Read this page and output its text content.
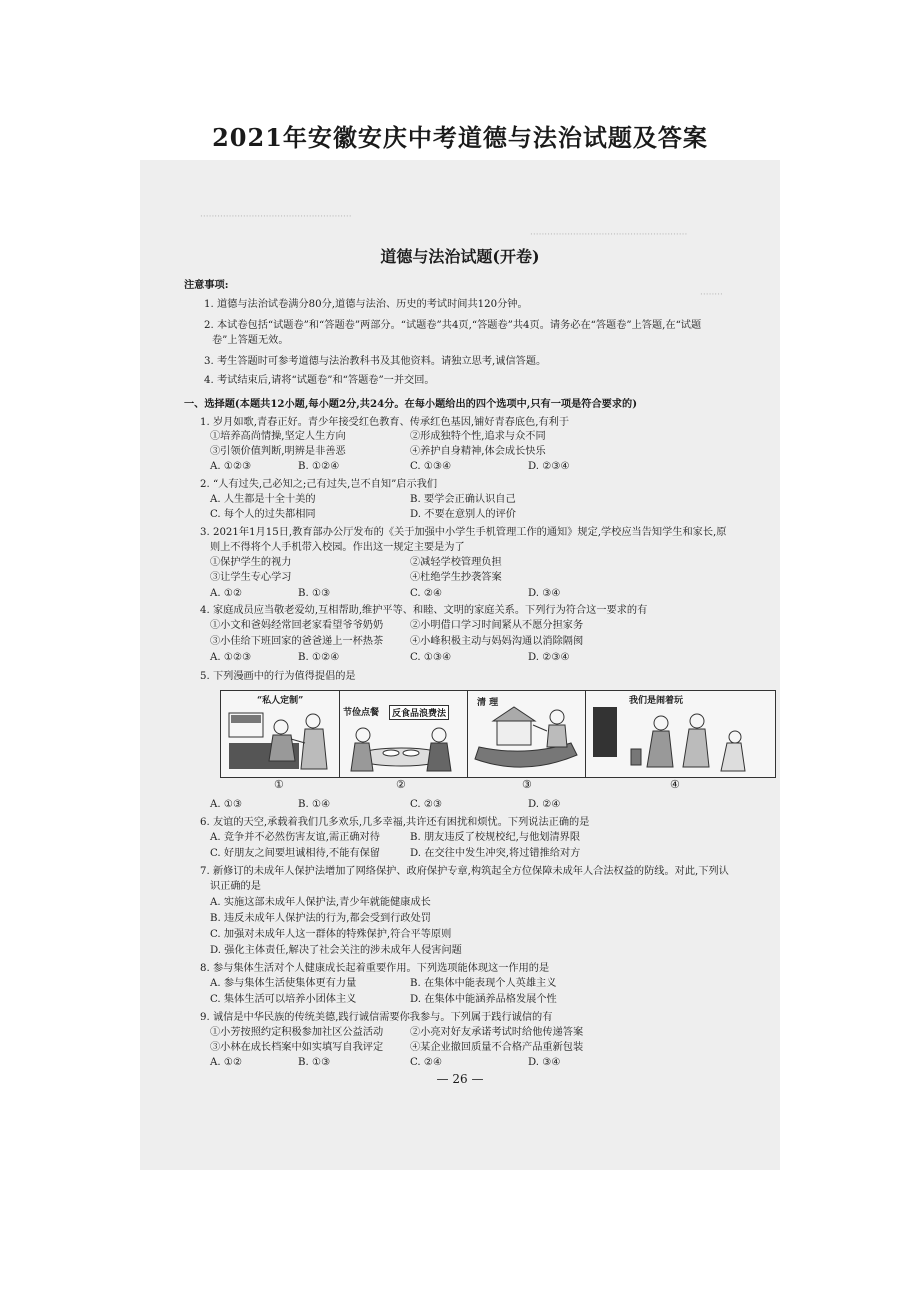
2021年安徽安庆中考道德与法治试题及答案
·····················································
·······················································
········
道德与法治试题(开卷)
注意事项:
1. 道德与法治试卷满分80分,道德与法治、历史的考试时间共120分钟。
2. 本试卷包括“试题卷”和“答题卷”两部分。“试题卷”共4页,“答题卷”共4页。请务必在“答题卷”上答题,在“试题
卷”上答题无效。
3. 考生答题时可参考道德与法治教科书及其他资料。请独立思考,诚信答题。
4. 考试结束后,请将“试题卷”和“答题卷”一并交回。
一、选择题(本题共12小题,每小题2分,共24分。在每小题给出的四个选项中,只有一项是符合要求的)
1. 岁月如歌,青春正好。青少年接受红色教育、传承红色基因,铺好青春底色,有利于
①培养高尚情操,坚定人生方向	②形成独特个性,追求与众不同
③引领价值判断,明辨是非善恶	④养护自身精神,体会成长快乐
A. ①②③	B. ①②④	C. ①③④	D. ②③④
2. “人有过失,己必知之;己有过失,岂不自知”启示我们
A. 人生都是十全十美的	B. 要学会正确认识自己
C. 每个人的过失都相同	D. 不要在意别人的评价
3. 2021年1月15日,教育部办公厅发布的《关于加强中小学生手机管理工作的通知》规定,学校应当告知学生和家长,原
则上不得将个人手机带入校园。作出这一规定主要是为了
①保护学生的视力	②减轻学校管理负担
③让学生专心学习	④杜绝学生抄袭答案
A. ①②	B. ①③	C. ②④	D. ③④
4. 家庭成员应当敬老爱幼,互相帮助,维护平等、和睦、文明的家庭关系。下列行为符合这一要求的有
①小文和爸妈经常回老家看望爷爷奶奶	②小明借口学习时间紧从不愿分担家务
③小佳给下班回家的爸爸递上一杯热茶	④小峰积极主动与妈妈沟通以消除隔阂
A. ①②③	B. ①②④	C. ①③④	D. ②③④
5. 下列漫画中的行为值得提倡的是
“私人定制”
节俭点餐	反食品浪费法
清 理	我们是闹着玩
①	②	③	④
A. ①③	B. ①④	C. ②③	D. ②④
6. 友谊的天空,承载着我们几多欢乐,几多幸福,共许还有困扰和烦忧。下列说法正确的是
A. 竞争并不必然伤害友谊,需正确对待	B. 朋友违反了校规校纪,与他划清界限
C. 好朋友之间要坦诚相待,不能有保留	D. 在交往中发生冲突,将过错推给对方
7. 新修订的未成年人保护法增加了网络保护、政府保护专章,构筑起全方位保障未成年人合法权益的防线。对此,下列认
识正确的是
A. 实施这部未成年人保护法,青少年就能健康成长
B. 违反未成年人保护法的行为,都会受到行政处罚
C. 加强对未成年人这一群体的特殊保护,符合平等原则
D. 强化主体责任,解决了社会关注的涉未成年人侵害问题
8. 参与集体生活对个人健康成长起着重要作用。下列选项能体现这一作用的是
A. 参与集体生活使集体更有力量	B. 在集体中能表现个人英雄主义
C. 集体生活可以培养小团体主义	D. 在集体中能涵养品格发展个性
9. 诚信是中华民族的传统美德,践行诚信需要你我参与。下列属于践行诚信的有
①小芳按照约定积极参加社区公益活动	②小亮对好友承诺考试时给他传递答案
③小林在成长档案中如实填写自我评定	④某企业撤回质量不合格产品重新包装
A. ①②	B. ①③	C. ②④	D. ③④
— 26 —
